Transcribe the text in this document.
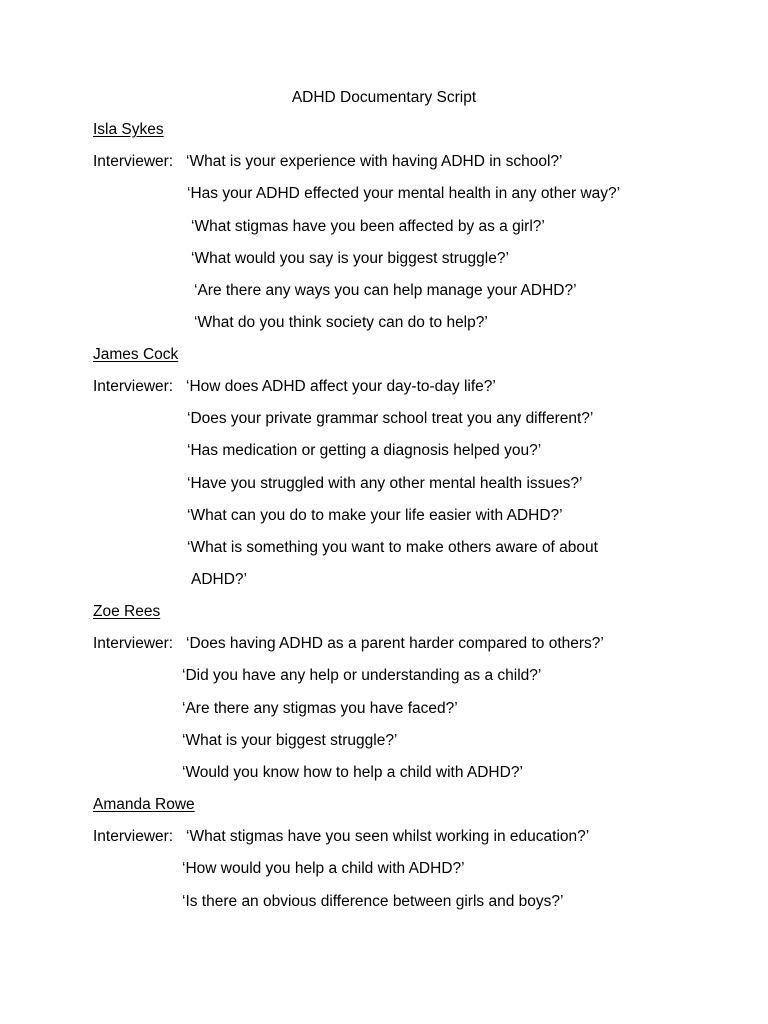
ADHD Documentary Script
Isla Sykes
Interviewer: ‘What is your experience with having ADHD in school?’
‘Has your ADHD effected your mental health in any other way?’
‘What stigmas have you been affected by as a girl?’
‘What would you say is your biggest struggle?’
‘Are there any ways you can help manage your ADHD?’
‘What do you think society can do to help?’
James Cock
Interviewer: ‘How does ADHD affect your day-to-day life?’
‘Does your private grammar school treat you any different?’
‘Has medication or getting a diagnosis helped you?’
‘Have you struggled with any other mental health issues?’
‘What can you do to make your life easier with ADHD?’
‘What is something you want to make others aware of about
ADHD?’
Zoe Rees
Interviewer: ‘Does having ADHD as a parent harder compared to others?’
‘Did you have any help or understanding as a child?’
‘Are there any stigmas you have faced?’
‘What is your biggest struggle?’
‘Would you know how to help a child with ADHD?’
Amanda Rowe
Interviewer: ‘What stigmas have you seen whilst working in education?’
‘How would you help a child with ADHD?’
‘Is there an obvious difference between girls and boys?’
